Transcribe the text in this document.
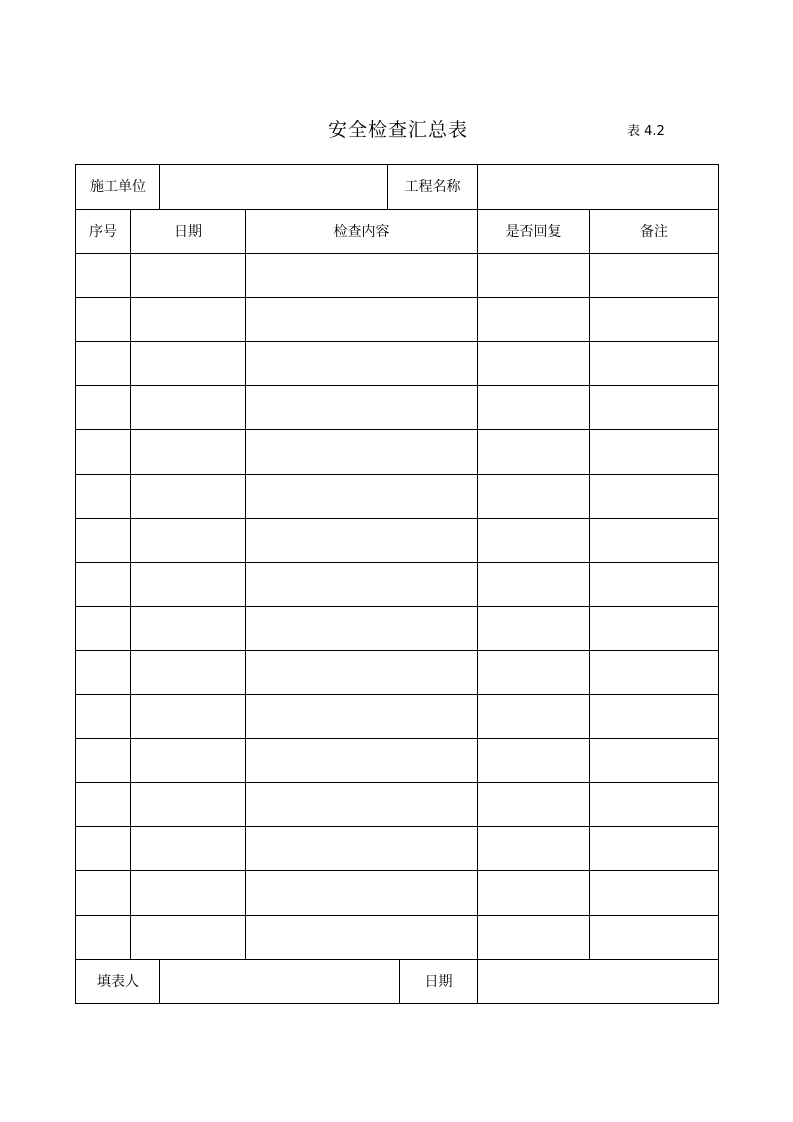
安全检查汇总表	表 4.2
施工单位	工程名称
序号	日期	检查内容	是否回复	备注
填表人	日期
